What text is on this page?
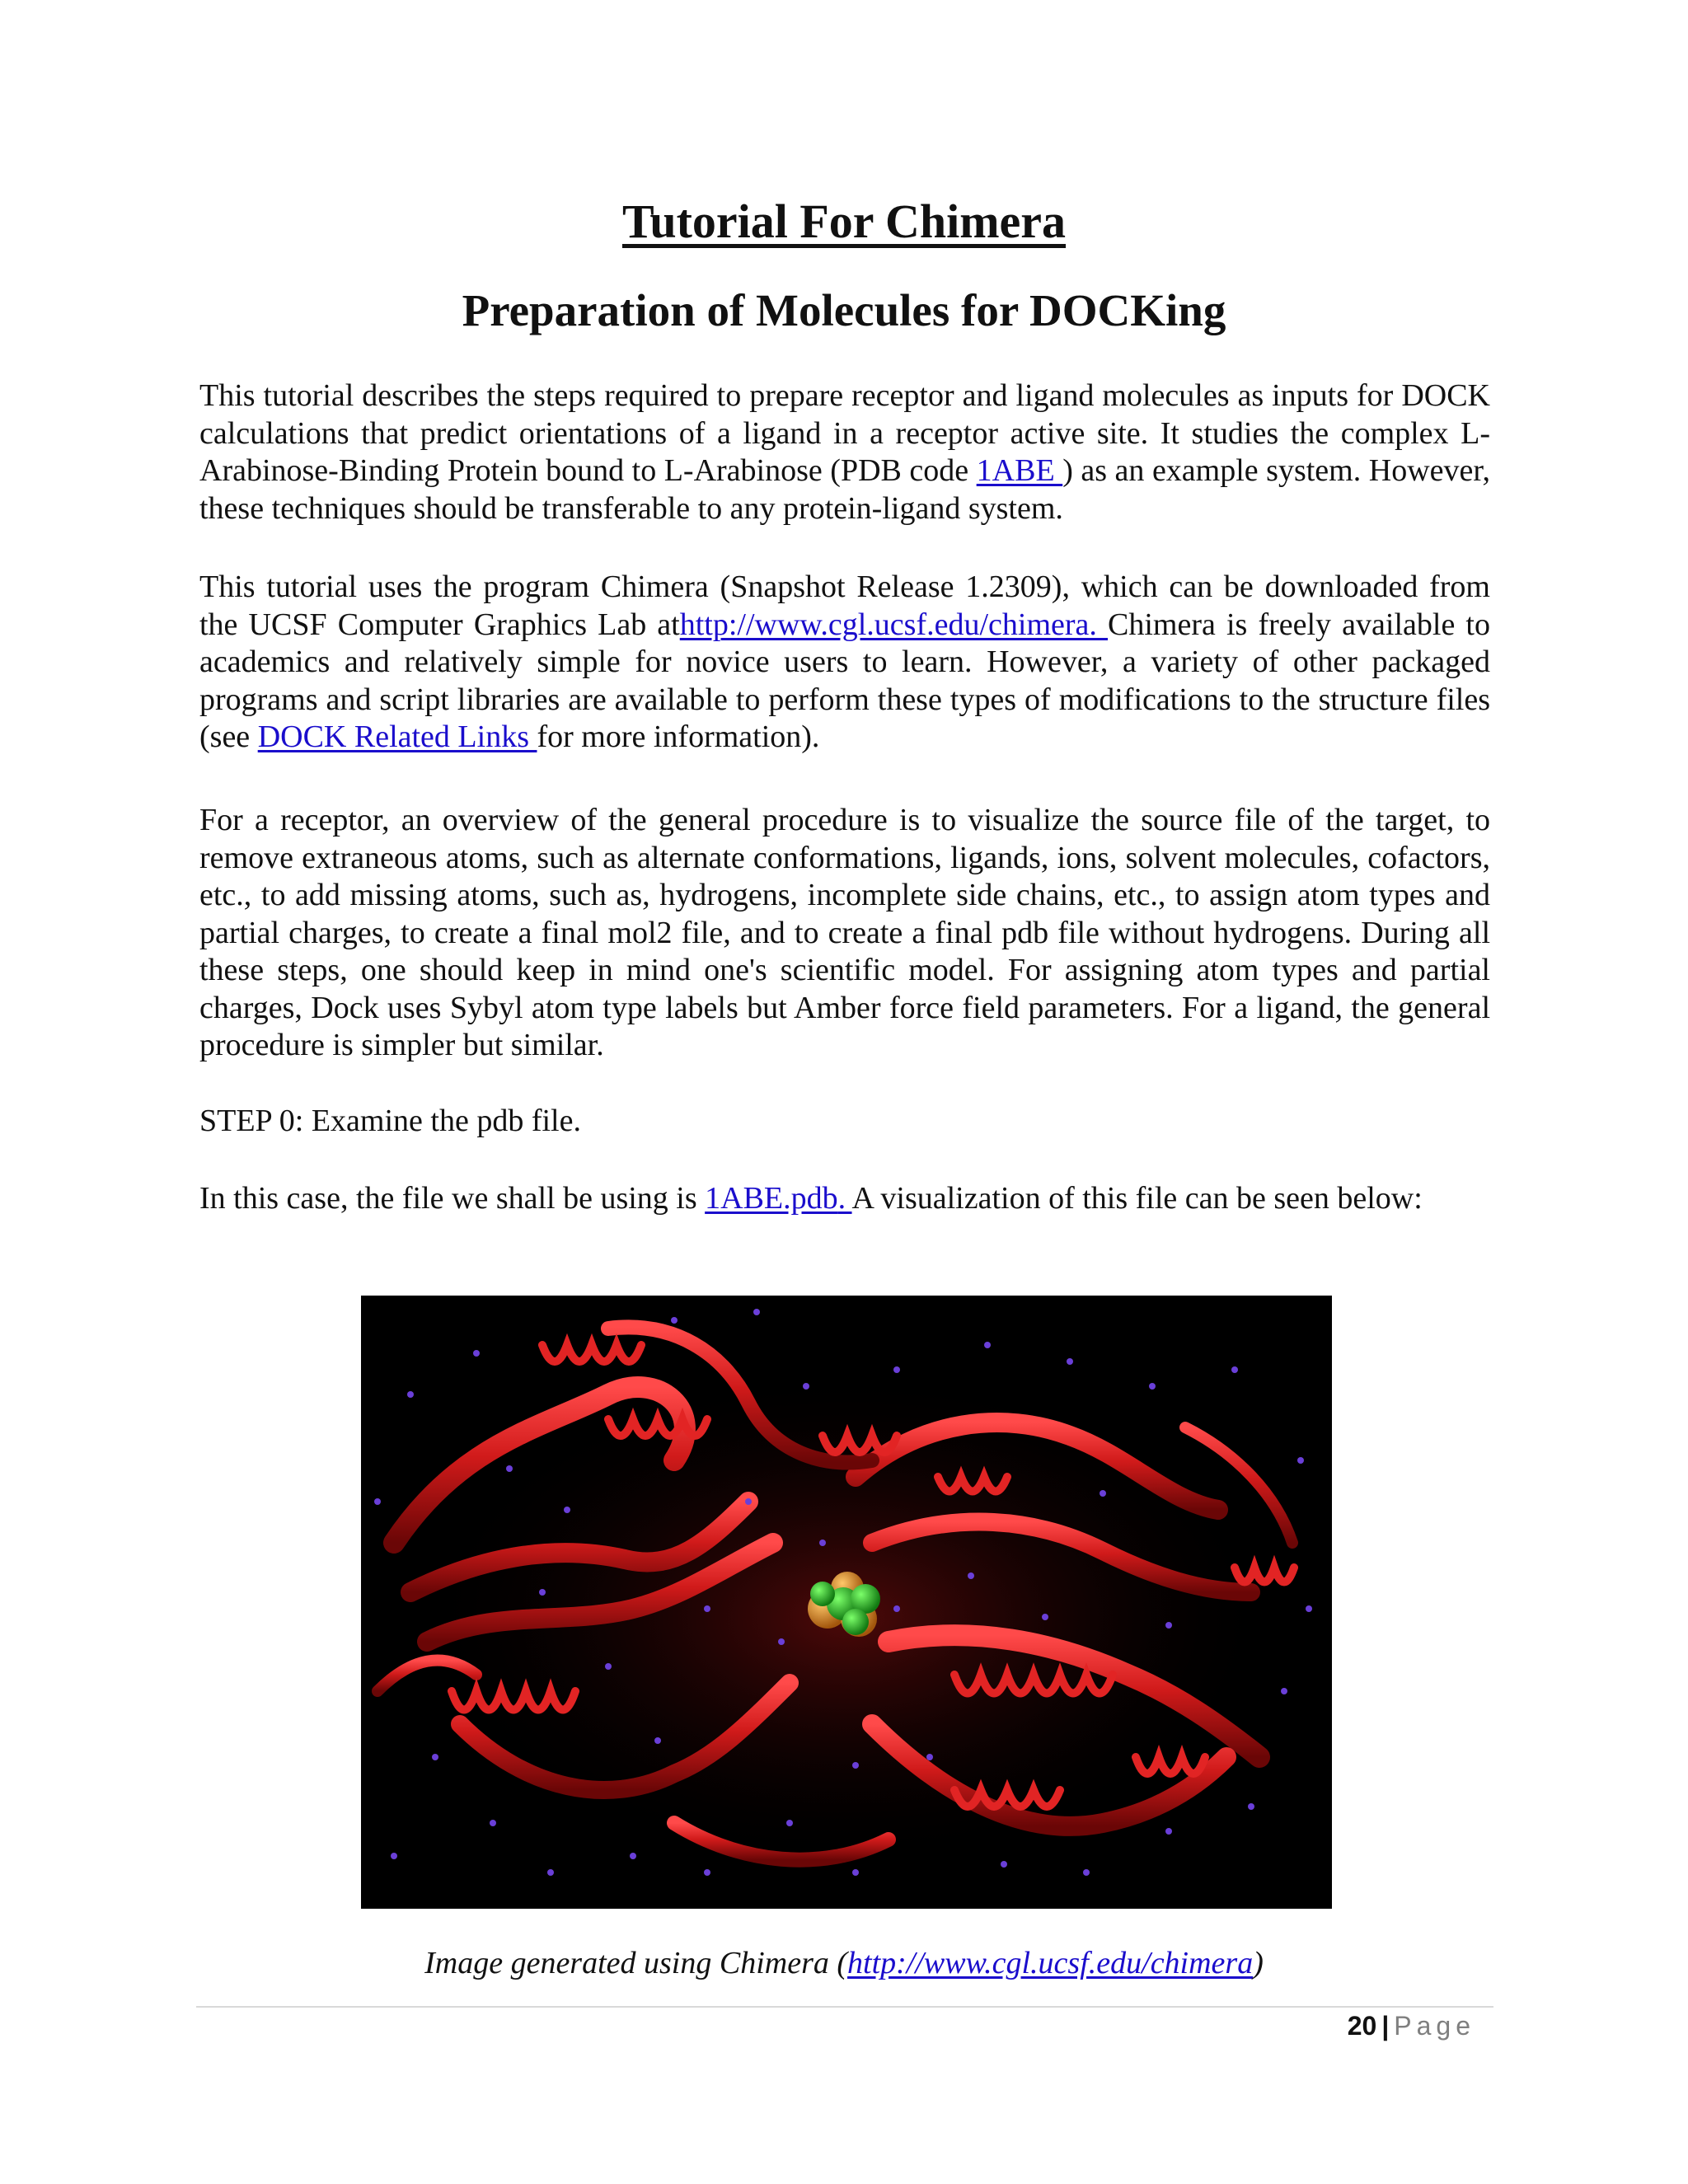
Tutorial For Chimera
Preparation of Molecules for DOCKing

This tutorial describes the steps required to prepare receptor and ligand molecules as inputs for DOCK calculations that predict orientations of a ligand in a receptor active site. It studies the complex L-Arabinose-Binding Protein bound to L-Arabinose (PDB code 1ABE ) as an example system. However, these techniques should be transferable to any protein-ligand system.

This tutorial uses the program Chimera (Snapshot Release 1.2309), which can be downloaded from the UCSF Computer Graphics Lab athttp://www.cgl.ucsf.edu/chimera. Chimera is freely available to academics and relatively simple for novice users to learn. However, a variety of other packaged programs and script libraries are available to perform these types of modifications to the structure files (see DOCK Related Links for more information).

For a receptor, an overview of the general procedure is to visualize the source file of the target, to remove extraneous atoms, such as alternate conformations, ligands, ions, solvent molecules, cofactors, etc., to add missing atoms, such as, hydrogens, incomplete side chains, etc., to assign atom types and partial charges, to create a final mol2 file, and to create a final pdb file without hydrogens. During all these steps, one should keep in mind one's scientific model. For assigning atom types and partial charges, Dock uses Sybyl atom type labels but Amber force field parameters. For a ligand, the general procedure is simpler but similar.

STEP 0: Examine the pdb file.

In this case, the file we shall be using is 1ABE.pdb. A visualization of this file can be seen below:

Image generated using Chimera (http://www.cgl.ucsf.edu/chimera)
20 | Page
